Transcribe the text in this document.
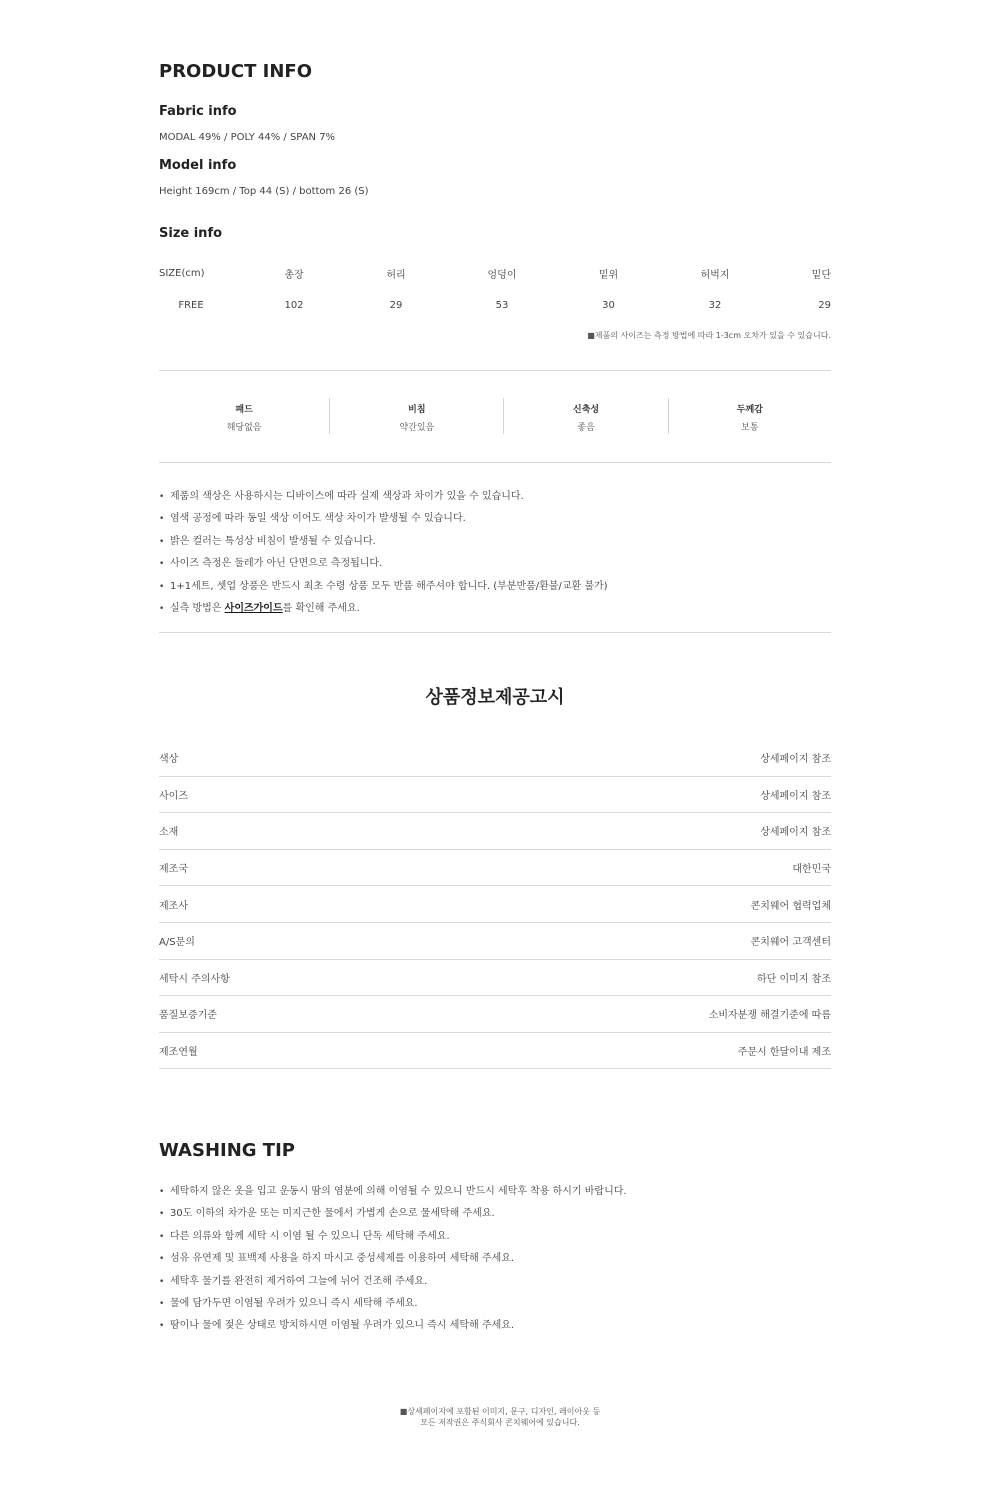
PRODUCT INFO
Fabric info

MODAL 49% / POLY 44% / SPAN 7%

Model info

Height 169cm / Top 44 (S) / bottom 26 (S)

Size info
SIZE(cm)	총장	허리	엉덩이	밑위	허벅지	밑단
FREE	102	29	53	30	32	29
■제품의 사이즈는 측정 방법에 따라 1-3cm 오차가 있을 수 있습니다.
패드
해당없음
비침
약간있음
신축성
좋음
두께감
보통
• 제품의 색상은 사용하시는 디바이스에 따라 실제 색상과 차이가 있을 수 있습니다.
• 염색 공정에 따라 동일 색상 이어도 색상 차이가 발생될 수 있습니다.
• 밝은 컬러는 특성상 비침이 발생될 수 있습니다.
• 사이즈 측정은 둘레가 아닌 단면으로 측정됩니다.
• 1+1세트, 셋업 상품은 반드시 최초 수령 상품 모두 반품 해주셔야 합니다. (부분반품/환불/교환 불가)
• 실측 방법은 사이즈가이드를 확인해 주세요.
상품정보제공고시
색상	상세페이지 참조
사이즈	상세페이지 참조
소재	상세페이지 참조
제조국	대한민국
제조사	콘치웨어 협력업체
A/S문의	콘치웨어 고객센터
세탁시 주의사항	하단 이미지 참조
품질보증기준	소비자분쟁 해결기준에 따름
제조연월	주문시 한달이내 제조
WASHING TIP
• 세탁하지 않은 옷을 입고 운동시 땀의 염분에 의해 이염될 수 있으니 반드시 세탁후 착용 하시기 바랍니다.
• 30도 이하의 차가운 또는 미지근한 물에서 가볍게 손으로 물세탁해 주세요.
• 다른 의류와 함께 세탁 시 이염 될 수 있으니 단독 세탁해 주세요.
• 섬유 유연제 및 표백제 사용을 하지 마시고 중성세제를 이용하여 세탁해 주세요.
• 세탁후 물기를 완전히 제거하여 그늘에 뉘어 건조해 주세요.
• 물에 담가두면 이염될 우려가 있으니 즉시 세탁해 주세요.
• 땀이나 물에 젖은 상태로 방치하시면 이염될 우려가 있으니 즉시 세탁해 주세요.
■상세페이지에 포함된 이미지, 문구, 디자인, 레이아웃 등
모든 저작권은 주식회사 콘치웨어에 있습니다.
